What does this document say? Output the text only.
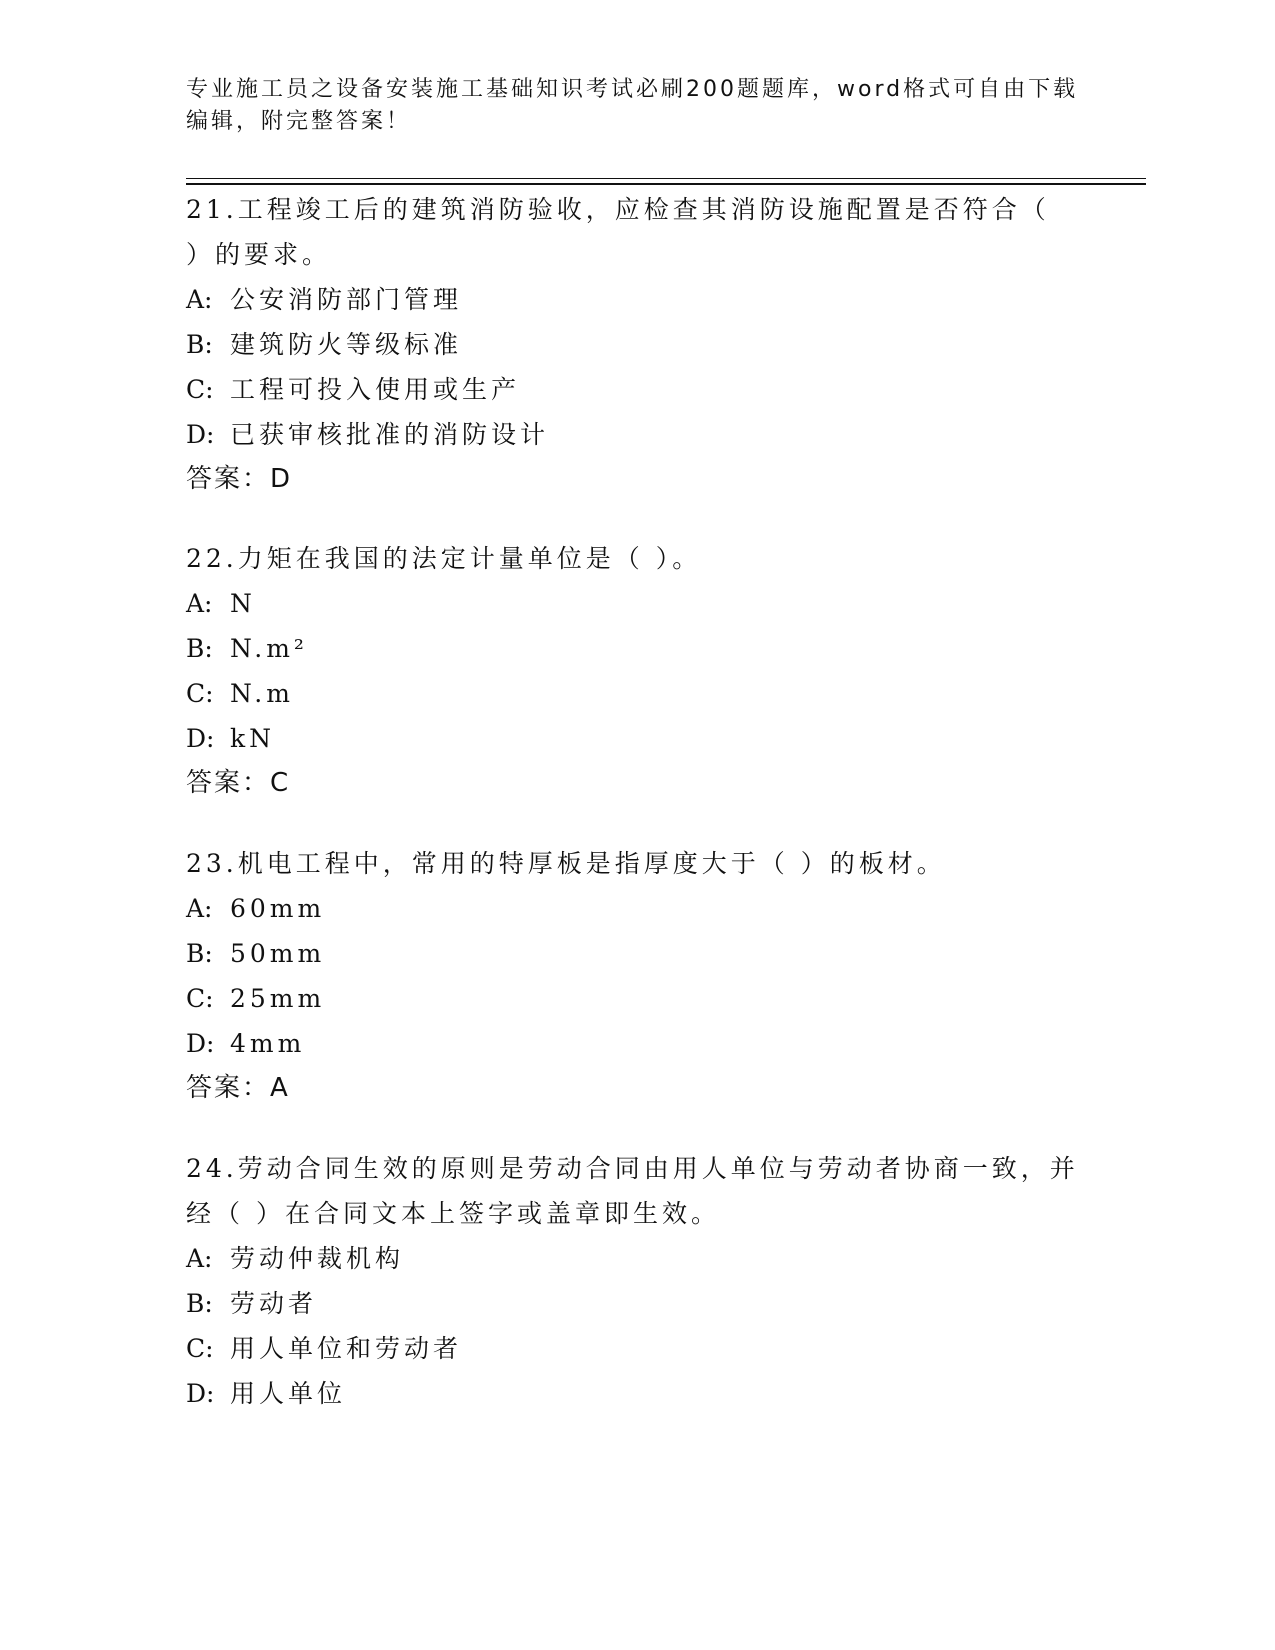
专业施工员之设备安装施工基础知识考试必刷200题题库，word格式可自由下载
编辑，附完整答案！

21.工程竣工后的建筑消防验收，应检查其消防设施配置是否符合（

）的要求。

A: 公安消防部门管理

B: 建筑防火等级标准

C: 工程可投入使用或生产

D: 已获审核批准的消防设计

答案：D

22.力矩在我国的法定计量单位是（ ）。

A: N

B: N.m²

C: N.m

D: kN

答案：C

23.机电工程中，常用的特厚板是指厚度大于（ ）的板材。

A: 60mm

B: 50mm

C: 25mm

D: 4mm

答案：A

24.劳动合同生效的原则是劳动合同由用人单位与劳动者协商一致，并

经（ ）在合同文本上签字或盖章即生效。

A: 劳动仲裁机构

B: 劳动者

C: 用人单位和劳动者

D: 用人单位
